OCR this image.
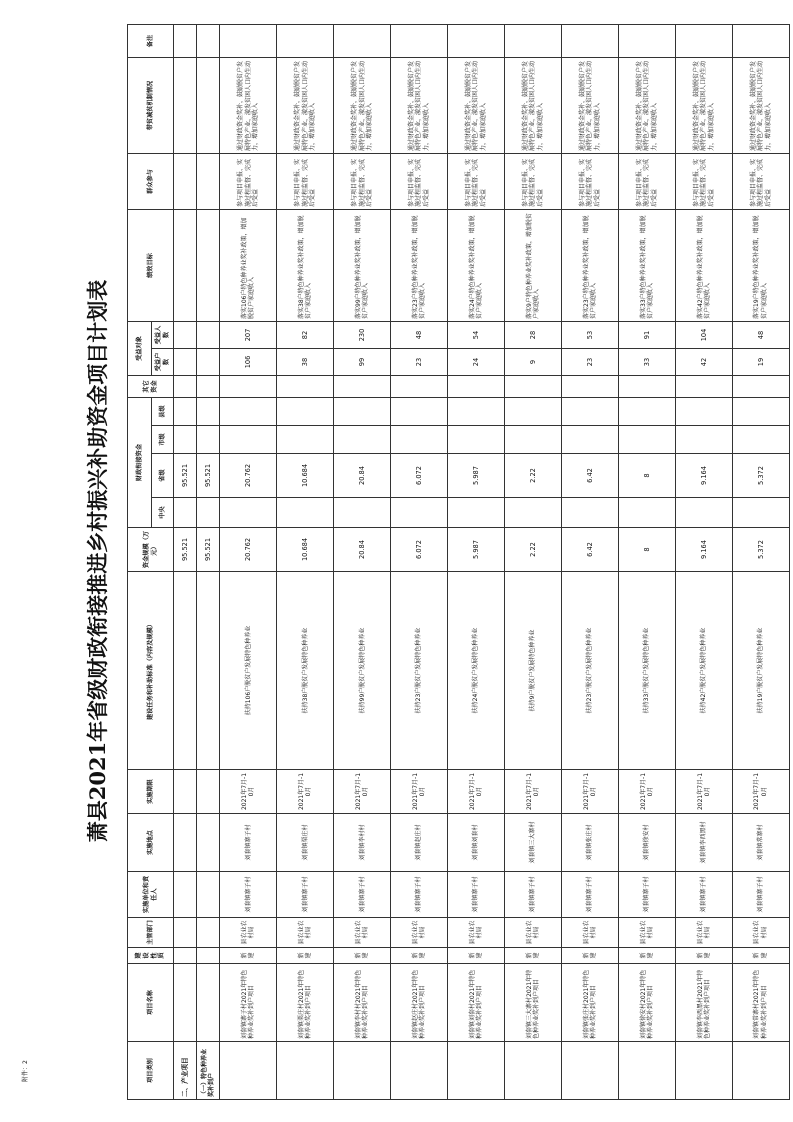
附件：2
萧县2021年省级财政衔接推进乡村振兴补助资金项目计划表
项目类别	项目名称	建设性质	主管部门	实施单位和责任人	实施地点	实施期限	建设任务和补助标准（内容及规模）	资金规模（万元）	财政衔接资金				其它资金	受益对象		绩效目标	群众参与	带贫减贫机制情况	备注
									中央	省级	市级	县级		受益户数	受益人数				

二、产业项目								95.521		95.521									
（一）特色种养业奖补到户								95.521		95.521									
	刘套镇寨子村2021年特色种养业奖补到户项目	新建	县农业农村局	刘套镇寨子村	刘套镇寨子村	2021年7月-10月	扶持106户脱贫户发展特色种养业	20.762		20.762				106	207	落实106户特色种养业奖补政策，增加脱贫户家庭收入	参与项目申报、实施过程监督、完成后受益	通过财政资金奖补，鼓励脱贫户发展特色产业，激发贫困人口内生动力，增加家庭收入	
	刘套镇栗庄村2021年特色种养业奖补到户项目	新建	县农业农村局	刘套镇寨子村	刘套镇栗庄村	2021年7月-10月	扶持38户脱贫户发展特色种养业	10.684		10.684				38	82	落实38户特色种养业奖补政策，增加脱贫户家庭收入	参与项目申报、实施过程监督、完成后受益	通过财政资金奖补，鼓励脱贫户发展特色产业，激发贫困人口内生动力，增加家庭收入	
	刘套镇李村村2021年特色种养业奖补到户项目	新建	县农业农村局	刘套镇寨子村	刘套镇李村村	2021年7月-10月	扶持99户脱贫户发展特色种养业	20.84		20.84				99	230	落实99户特色种养业奖补政策，增加脱贫户家庭收入	参与项目申报、实施过程监督、完成后受益	通过财政资金奖补，鼓励脱贫户发展特色产业，激发贫困人口内生动力，增加家庭收入	
	刘套镇赵庄村2021年特色种养业奖补到户项目	新建	县农业农村局	刘套镇寨子村	刘套镇赵庄村	2021年7月-10月	扶持23户脱贫户发展特色种养业	6.072		6.072				23	48	落实23户特色种养业奖补政策，增加脱贫户家庭收入	参与项目申报、实施过程监督、完成后受益	通过财政资金奖补，鼓励脱贫户发展特色产业，激发贫困人口内生动力，增加家庭收入	
	刘套镇刘套村2021年特色种养业奖补到户项目	新建	县农业农村局	刘套镇寨子村	刘套镇刘套村	2021年7月-10月	扶持24户脱贫户发展特色种养业	5.987		5.987				24	54	落实24户特色种养业奖补政策，增加脱贫户家庭收入	参与项目申报、实施过程监督、完成后受益	通过财政资金奖补，鼓励脱贫户发展特色产业，激发贫困人口内生动力，增加家庭收入	
	刘套镇三大寨村2021年特色种养业奖补到户项目	新建	县农业农村局	刘套镇寨子村	刘套镇三大寨村	2021年7月-10月	扶持9户脱贫户发展特色种养业	2.22		2.22				9	28	落实9户特色种养业奖补政策，增加脱贫户家庭收入	参与项目申报、实施过程监督、完成后受益	通过财政资金奖补，鼓励脱贫户发展特色产业，激发贫困人口内生动力，增加家庭收入	
	刘套镇张庄村2021年特色种养业奖补到户项目	新建	县农业农村局	刘套镇寨子村	刘套镇张庄村	2021年7月-10月	扶持23户脱贫户发展特色种养业	6.42		6.42				23	53	落实23户特色种养业奖补政策，增加脱贫户家庭收入	参与项目申报、实施过程监督、完成后受益	通过财政资金奖补，鼓励脱贫户发展特色产业，激发贫困人口内生动力，增加家庭收入	
	刘套镇徐安村2021年特色种养业奖补到户项目	新建	县农业农村局	刘套镇寨子村	刘套镇徐安村	2021年7月-10月	扶持33户脱贫户发展特色种养业	8		8				33	91	落实33户特色种养业奖补政策，增加脱贫户家庭收入	参与项目申报、实施过程监督、完成后受益	通过财政资金奖补，鼓励脱贫户发展特色产业，激发贫困人口内生动力，增加家庭收入	
	刘套镇李西黑村2021年特色种养业奖补到户项目	新建	县农业农村局	刘套镇寨子村	刘套镇李西黑村	2021年7月-10月	扶持42户脱贫户发展特色种养业	9.164		9.164				42	104	落实42户特色种养业奖补政策，增加脱贫户家庭收入	参与项目申报、实施过程监督、完成后受益	通过财政资金奖补，鼓励脱贫户发展特色产业，激发贫困人口内生动力，增加家庭收入	
	刘套镇常寨村2021年特色种养业奖补到户项目	新建	县农业农村局	刘套镇寨子村	刘套镇常寨村	2021年7月-10月	扶持19户脱贫户发展特色种养业	5.372		5.372				19	48	落实19户特色种养业奖补政策，增加脱贫户家庭收入	参与项目申报、实施过程监督、完成后受益	通过财政资金奖补，鼓励脱贫户发展特色产业，激发贫困人口内生动力，增加家庭收入	
